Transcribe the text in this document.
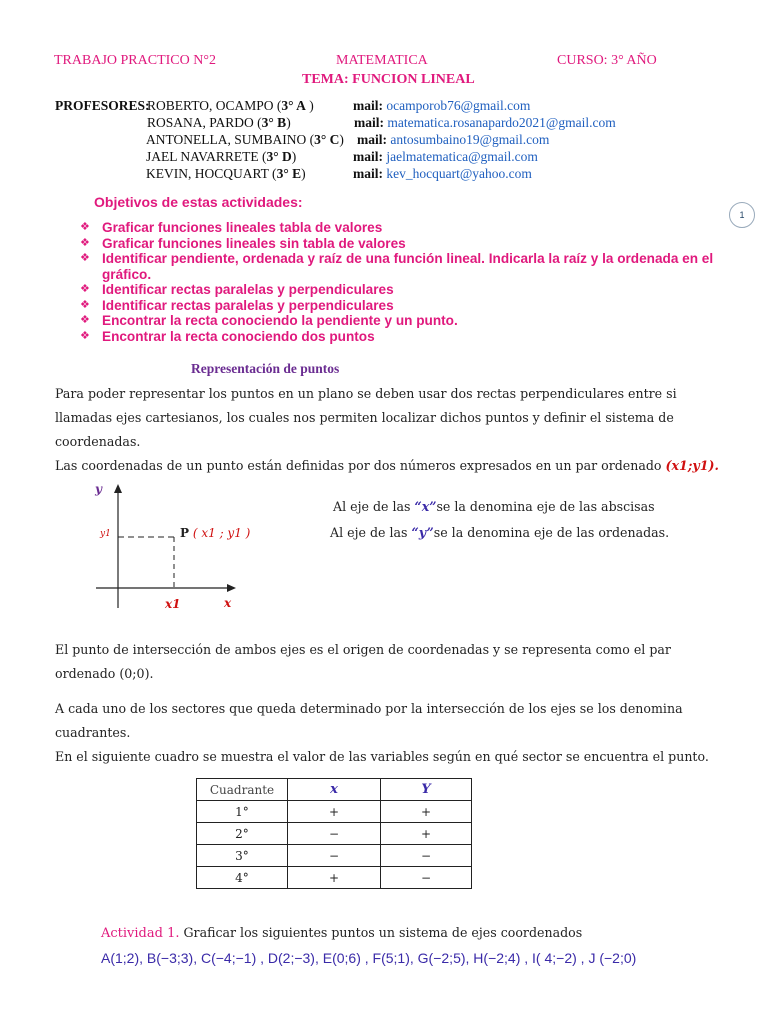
TRABAJO PRACTICO N°2	MATEMATICA	CURSO: 3° AÑO
TEMA: FUNCION LINEAL
PROFESORES:
ROBERTO, OCAMPO (3° A )	mail: ocamporob76@gmail.com
ROSANA, PARDO (3° B)	mail: matematica.rosanapardo2021@gmail.com
ANTONELLA, SUMBAINO (3° C) mail: antosumbaino19@gmail.com
JAEL NAVARRETE (3° D)	mail: jaelmatematica@gmail.com
KEVIN, HOCQUART (3° E)	mail: kev_hocquart@yahoo.com
1
Objetivos de estas actividades:
❖ Graficar funciones lineales tabla de valores
❖ Graficar funciones lineales sin tabla de valores
❖ Identificar pendiente, ordenada y raíz de una función lineal. Indicarla la raíz y la ordenada en el gráfico.
❖ Identificar rectas paralelas y perpendiculares
❖ Identificar rectas paralelas y perpendiculares
❖ Encontrar la recta conociendo la pendiente y un punto.
❖ Encontrar la recta conociendo dos puntos
Representación de puntos
Para poder representar los puntos en un plano se deben usar dos rectas perpendiculares entre si llamadas ejes cartesianos, los cuales nos permiten localizar dichos puntos y definir el sistema de coordenadas.
Las coordenadas de un punto están definidas por dos números expresados en un par ordenado (x1;y1).
y
x
y1
x1
P ( x1 ; y1 )
Al eje de las “x”se la denomina eje de las abscisas
Al eje de las “y”se la denomina eje de las ordenadas.
El punto de intersección de ambos ejes es el origen de coordenadas y se representa como el par ordenado (0;0).
A cada uno de los sectores que queda determinado por la intersección de los ejes se los denomina cuadrantes.
En el siguiente cuadro se muestra el valor de las variables según en qué sector se encuentra el punto.
Cuadrante	x	Y
1°	+	+
2°	−	+
3°	−	−
4°	+	−
Actividad 1. Graficar los siguientes puntos un sistema de ejes coordenados
A(1;2), B(−3;3), C(−4;−1) , D(2;−3), E(0;6) , F(5;1), G(−2;5), H(−2;4) , I( 4;−2) , J (−2;0)
